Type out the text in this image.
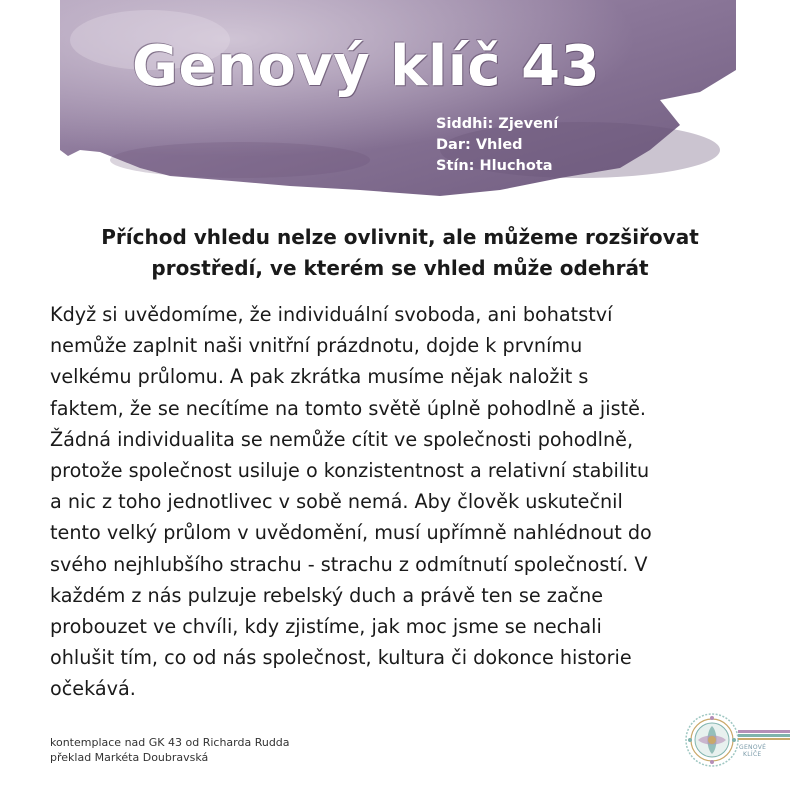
Genový klíč 43
Siddhi: Zjevení
Dar: Vhled
Stín: Hluchota
Příchod vhledu nelze ovlivnit, ale můžeme rozšiřovat
prostředí, ve kterém se vhled může odehrát
Když si uvědomíme, že individuální svoboda, ani bohatství
nemůže zaplnit naši vnitřní prázdnotu, dojde k prvnímu
velkému průlomu. A pak zkrátka musíme nějak naložit s
faktem, že se necítíme na tomto světě úplně pohodlně a jistě.
Žádná individualita se nemůže cítit ve společnosti pohodlně,
protože společnost usiluje o konzistentnost a relativní stabilitu
a nic z toho jednotlivec v sobě nemá. Aby člověk uskutečnil
tento velký průlom v uvědomění, musí upřímně nahlédnout do
svého nejhlubšího strachu - strachu z odmítnutí společností. V
každém z nás pulzuje rebelský duch a právě ten se začne
probouzet ve chvíli, kdy zjistíme, jak moc jsme se nechali
ohlušit tím, co od nás společnost, kultura či dokonce historie
očekává.
kontemplace nad GK 43 od Richarda Rudda
překlad Markéta Doubravská
GENOVÉ
KLÍČE
